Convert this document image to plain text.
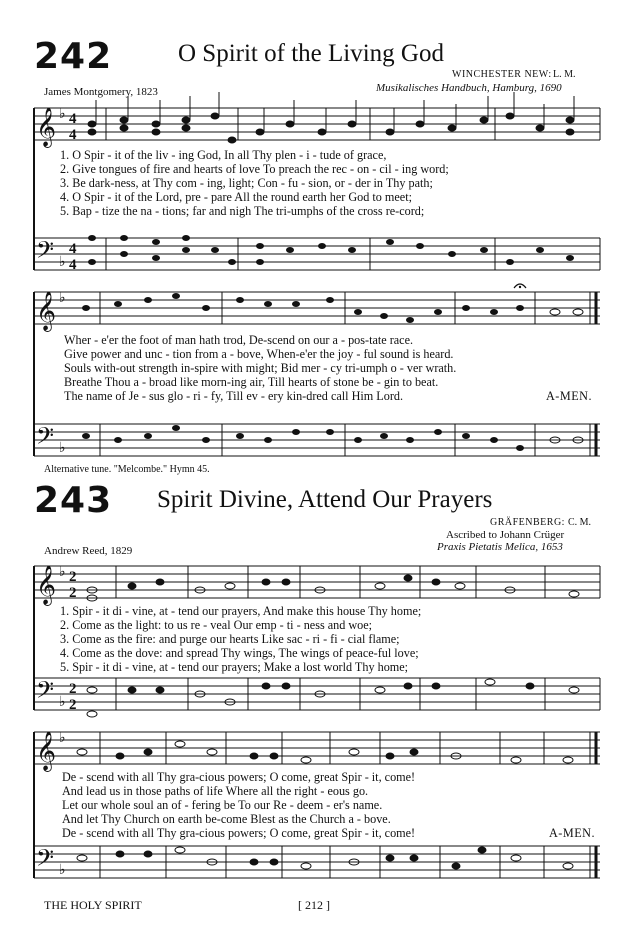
242	O Spirit of the Living God
James Montgomery, 1823
WINCHESTER NEW: L. M.
Musikalisches Handbuch, Hamburg, 1690
𝄞
𝄞
𝄢
𝄢
♭
♭
♭
♭
4
4
4
4
1. O Spir - it of the liv - ing God, In all Thy plen - i - tude of grace,
2. Give tongues of fire and hearts of love To preach the rec - on - cil - ing word;
3. Be dark-ness, at Thy com - ing, light; Con - fu - sion, or - der in Thy path;
4. O Spir - it of the Lord, pre - pare All the round earth her God to meet;
5. Bap - tize the na - tions; far and nigh The tri-umphs of the cross re-cord;
Wher - e'er the foot of man hath trod, De-scend on our a - pos-tate race.
Give power and unc - tion from a - bove, When-e'er the joy - ful sound is heard.
Souls with-out strength in-spire with might; Bid mer - cy tri-umph o - ver wrath.
Breathe Thou a - broad like morn-ing air, Till hearts of stone be - gin to beat.
The name of Je - sus glo - ri - fy, Till ev - ery kin-dred call Him Lord.	A-MEN.
Alternative tune. "Melcombe." Hymn 45.
243 Spirit Divine, Attend Our Prayers
GRÄFENBERG: C. M.
Ascribed to Johann Crüger
Andrew Reed, 1829	Praxis Pietatis Melica, 1653
𝄞
𝄞
𝄢
𝄢
♭
♭
♭
♭
2
2
2
2
1. Spir - it di - vine, at - tend our prayers, And make this house Thy home;
2. Come as the light: to us re - veal Our emp - ti - ness and woe;
3. Come as the fire: and purge our hearts Like sac - ri - fi - cial flame;
4. Come as the dove: and spread Thy wings, The wings of peace-ful love;
5. Spir - it di - vine, at - tend our prayers; Make a lost world Thy home;
De - scend with all Thy gra-cious powers; O come, great Spir - it, come!
And lead us in those paths of life Where all the right - eous go.
Let our whole soul an of - fering be To our Re - deem - er's name.
And let Thy Church on earth be-come Blest as the Church a - bove.
De - scend with all Thy gra-cious powers; O come, great Spir - it, come!	A-MEN.
THE HOLY SPIRIT	[ 212 ]
